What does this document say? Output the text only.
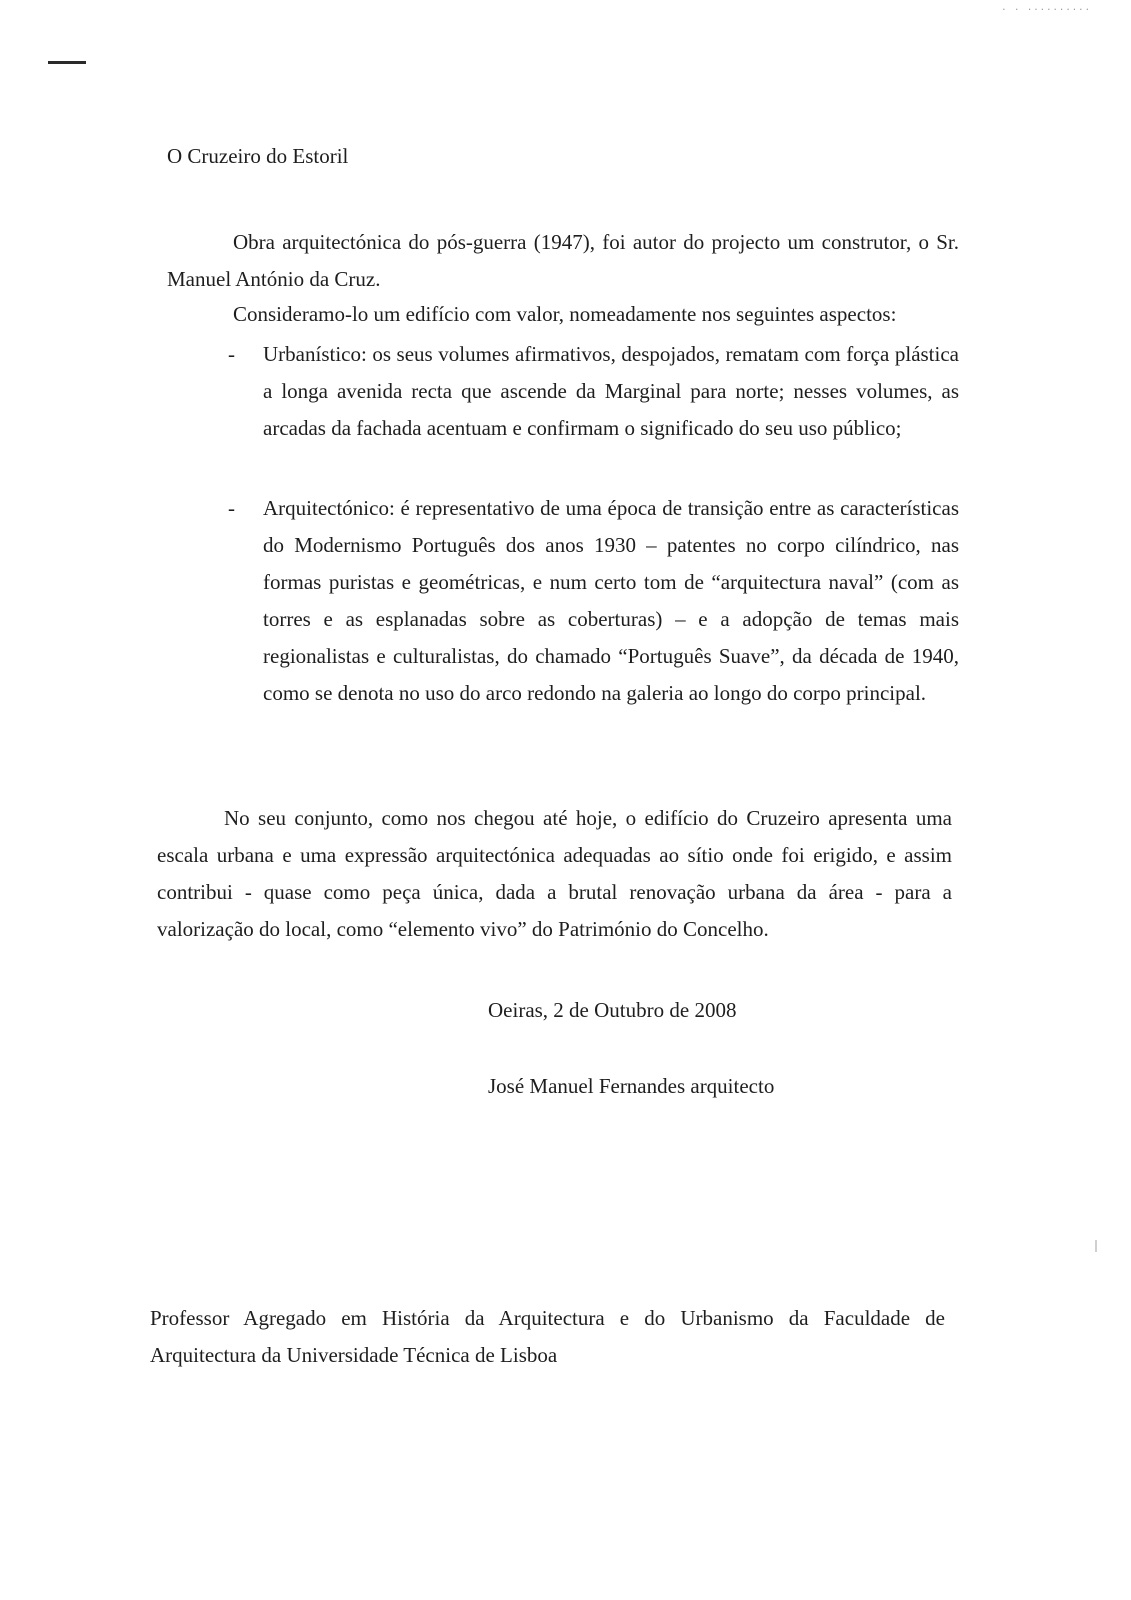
. . ..........
O Cruzeiro do Estoril
Obra arquitectónica do pós-guerra (1947), foi autor do projecto um construtor, o Sr. Manuel António da Cruz.
Consideramo-lo um edifício com valor, nomeadamente nos seguintes aspectos:
- Urbanístico: os seus volumes afirmativos, despojados, rematam com força plástica a longa avenida recta que ascende da Marginal para norte; nesses volumes, as arcadas da fachada acentuam e confirmam o significado do seu uso público;
- Arquitectónico: é representativo de uma época de transição entre as características do Modernismo Português dos anos 1930 – patentes no corpo cilíndrico, nas formas puristas e geométricas, e num certo tom de “arquitectura naval” (com as torres e as esplanadas sobre as coberturas) – e a adopção de temas mais regionalistas e culturalistas, do chamado “Português Suave”, da década de 1940, como se denota no uso do arco redondo na galeria ao longo do corpo principal.
No seu conjunto, como nos chegou até hoje, o edifício do Cruzeiro apresenta uma escala urbana e uma expressão arquitectónica adequadas ao sítio onde foi erigido, e assim contribui - quase como peça única, dada a brutal renovação urbana da área - para a valorização do local, como “elemento vivo” do Património do Concelho.
Oeiras, 2 de Outubro de 2008
José Manuel Fernandes arquitecto
Professor Agregado em História da Arquitectura e do Urbanismo da Faculdade de Arquitectura da Universidade Técnica de Lisboa
